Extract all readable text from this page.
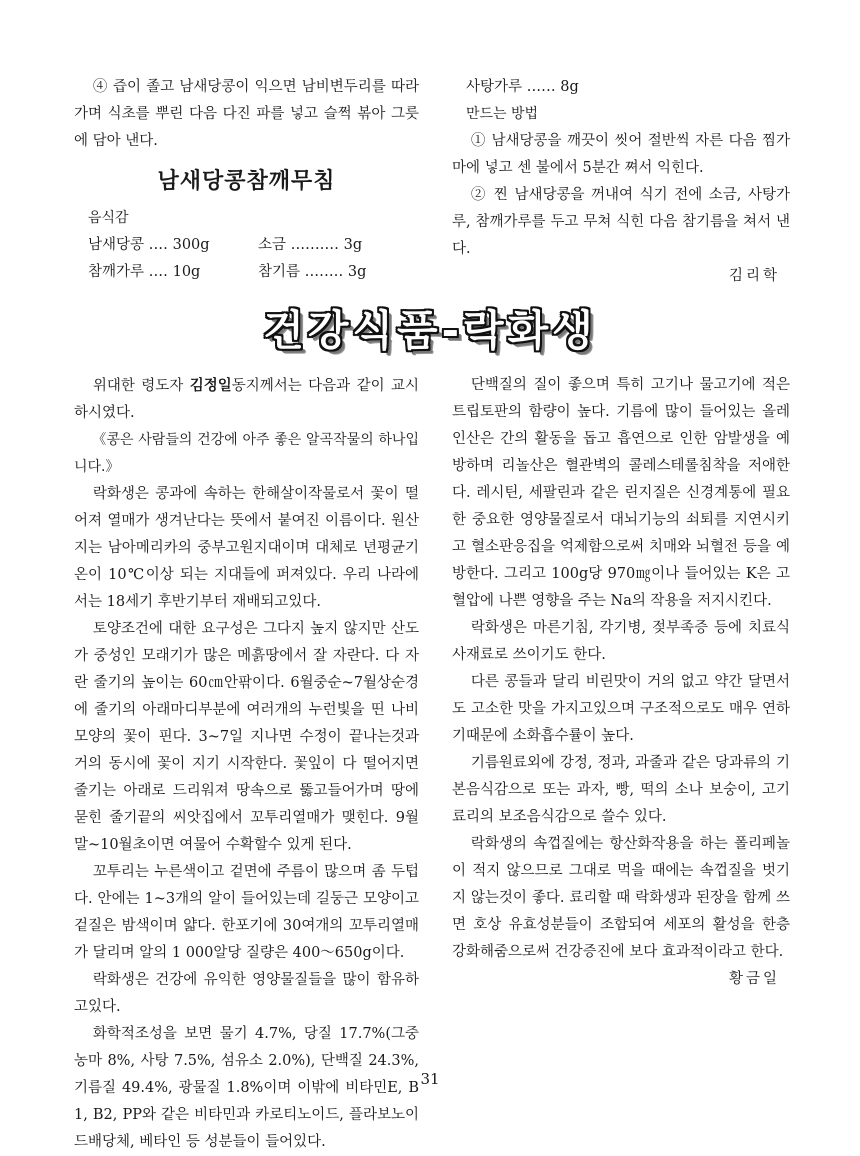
④ 즙이 졸고 남새당콩이 익으면 남비변두리를 따라가며 식초를 뿌린 다음 다진 파를 넣고 슬쩍 볶아 그릇에 담아 낸다.

남새당콩참깨무침

음식감

남새당콩 ‥‥ 300g	소금 ‥‥‥‥‥ 3g
참깨가루 ‥‥ 10g	참기름 ‥‥‥‥ 3g

사탕가루 ‥‥‥ 8g

만드는 방법

① 남새당콩을 깨끗이 씻어 절반씩 자른 다음 찜가마에 넣고 센 불에서 5분간 쪄서 익힌다.

② 찐 남새당콩을 꺼내여 식기 전에 소금, 사탕가루, 참깨가루를 두고 무쳐 식힌 다음 참기름을 쳐서 낸다.

김리학

건강식품-락화생

위대한 령도자 김정일동지께서는 다음과 같이 교시하시였다.

《콩은 사람들의 건강에 아주 좋은 알곡작물의 하나입니다.》

락화생은 콩과에 속하는 한해살이작물로서 꽃이 떨어져 열매가 생겨난다는 뜻에서 붙여진 이름이다. 원산지는 남아메리카의 중부고원지대이며 대체로 년평균기온이 10℃이상 되는 지대들에 퍼져있다. 우리 나라에서는 18세기 후반기부터 재배되고있다.

토양조건에 대한 요구성은 그다지 높지 않지만 산도가 중성인 모래기가 많은 메흙땅에서 잘 자란다. 다 자란 줄기의 높이는 60㎝안팎이다. 6월중순~7월상순경에 줄기의 아래마디부분에 여러개의 누런빛을 띤 나비모양의 꽃이 핀다. 3~7일 지나면 수정이 끝나는것과 거의 동시에 꽃이 지기 시작한다. 꽃잎이 다 떨어지면 줄기는 아래로 드리워져 땅속으로 뚫고들어가며 땅에 묻힌 줄기끝의 씨앗집에서 꼬투리열매가 맺힌다. 9월말~10월초이면 여물어 수확할수 있게 된다.

꼬투리는 누른색이고 겉면에 주름이 많으며 좀 두텁다. 안에는 1~3개의 알이 들어있는데 길둥근 모양이고 겉질은 밤색이며 얇다. 한포기에 30여개의 꼬투리열매가 달리며 알의 1 000알당 질량은 400～650g이다.

락화생은 건강에 유익한 영양물질들을 많이 함유하고있다.

화학적조성을 보면 물기 4.7%, 당질 17.7%(그중 농마 8%, 사탕 7.5%, 섬유소 2.0%), 단백질 24.3%, 기름질 49.4%, 광물질 1.8%이며 이밖에 비타민E, B1, B2, PP와 같은 비타민과 카로티노이드, 플라보노이드배당체, 베타인 등 성분들이 들어있다.

단백질의 질이 좋으며 특히 고기나 물고기에 적은 트립토판의 함량이 높다. 기름에 많이 들어있는 올레인산은 간의 활동을 돕고 흡연으로 인한 암발생을 예방하며 리놀산은 혈관벽의 콜레스테롤침착을 저애한다. 레시틴, 세팔린과 같은 린지질은 신경계통에 필요한 중요한 영양물질로서 대뇌기능의 쇠퇴를 지연시키고 혈소판응집을 억제함으로써 치매와 뇌혈전 등을 예방한다. 그리고 100g당 970㎎이나 들어있는 K은 고혈압에 나쁜 영향을 주는 Na의 작용을 저지시킨다.

락화생은 마른기침, 각기병, 젖부족증 등에 치료식사재료로 쓰이기도 한다.

다른 콩들과 달리 비린맛이 거의 없고 약간 달면서도 고소한 맛을 가지고있으며 구조적으로도 매우 연하기때문에 소화흡수률이 높다.

기름원료외에 강정, 정과, 과줄과 같은 당과류의 기본음식감으로 또는 과자, 빵, 떡의 소나 보숭이, 고기료리의 보조음식감으로 쓸수 있다.

락화생의 속껍질에는 항산화작용을 하는 폴리페놀이 적지 않으므로 그대로 먹을 때에는 속껍질을 벗기지 않는것이 좋다. 료리할 때 락화생과 된장을 함께 쓰면 호상 유효성분들이 조합되여 세포의 활성을 한층 강화해줌으로써 건강증진에 보다 효과적이라고 한다.

황금일

31
